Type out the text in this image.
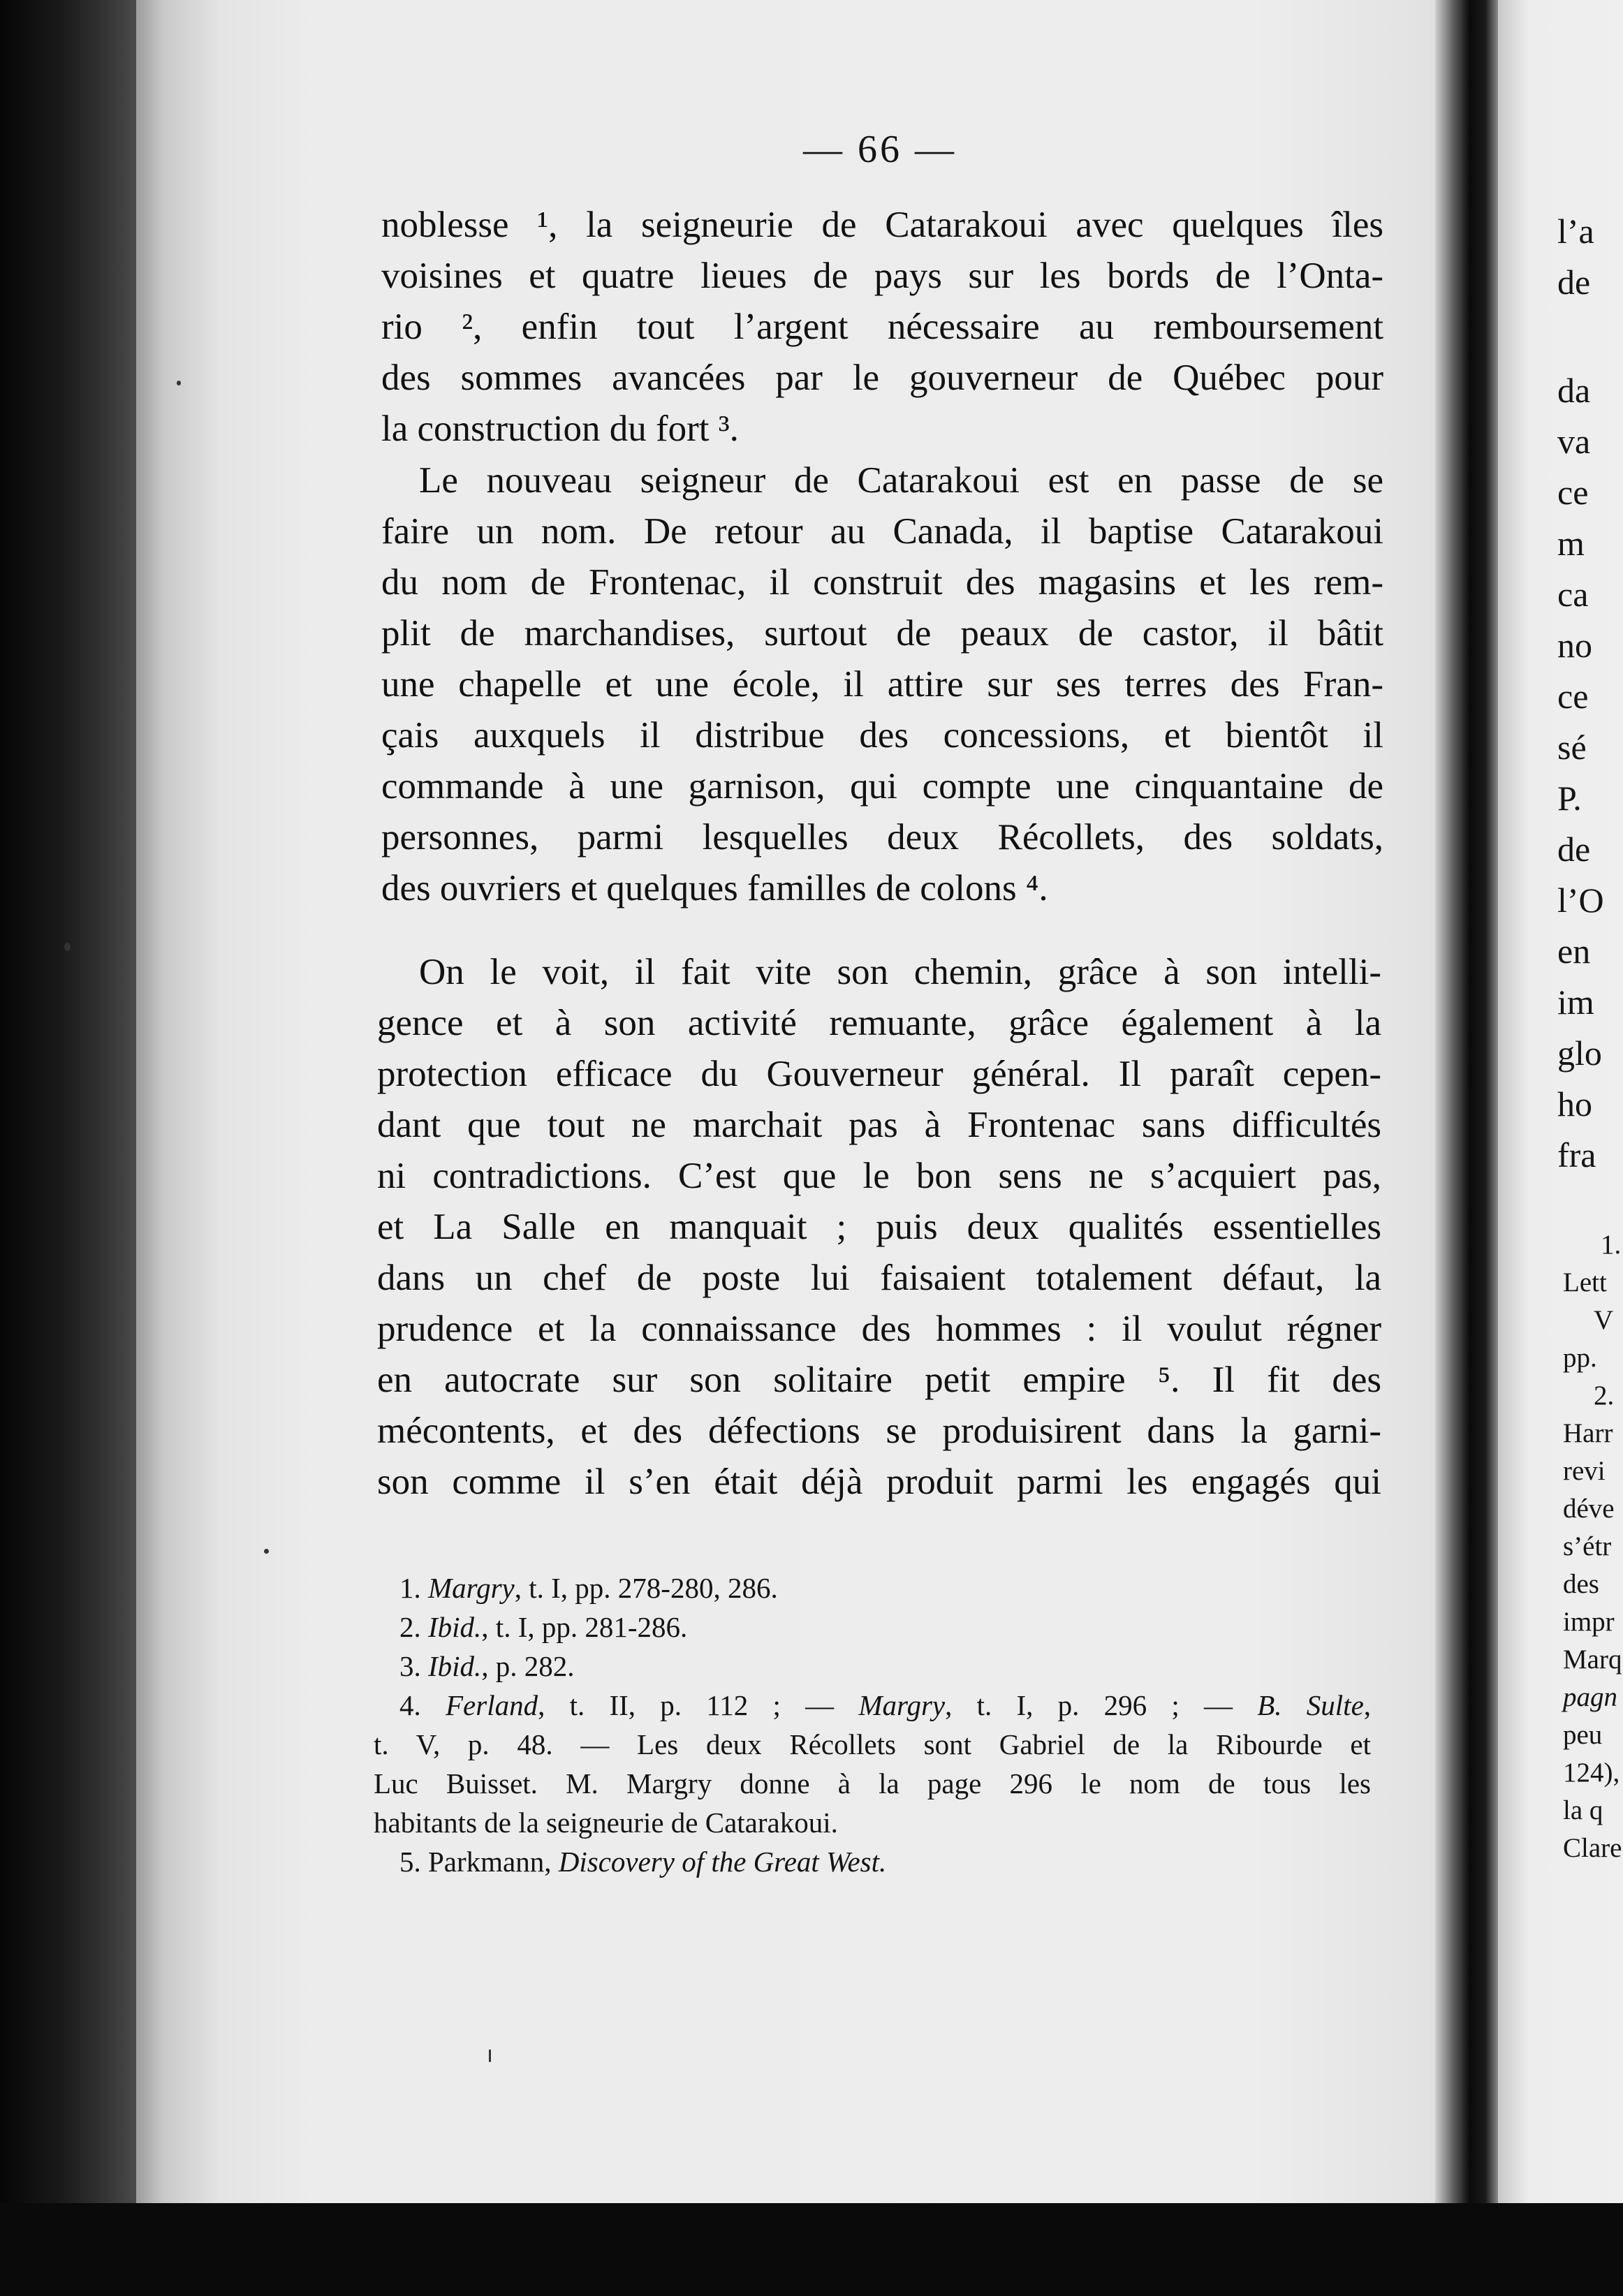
— 66 —
noblesse ¹, la seigneurie de Catarakoui avec quelques îles
voisines et quatre lieues de pays sur les bords de l’Onta-
rio ², enfin tout l’argent nécessaire au remboursement
des sommes avancées par le gouverneur de Québec pour
la construction du fort ³.
Le nouveau seigneur de Catarakoui est en passe de se
faire un nom. De retour au Canada, il baptise Catarakoui
du nom de Frontenac, il construit des magasins et les rem-
plit de marchandises, surtout de peaux de castor, il bâtit
une chapelle et une école, il attire sur ses terres des Fran-
çais auxquels il distribue des concessions, et bientôt il
commande à une garnison, qui compte une cinquantaine de
personnes, parmi lesquelles deux Récollets, des soldats,
des ouvriers et quelques familles de colons ⁴.
On le voit, il fait vite son chemin, grâce à son intelli-
gence et à son activité remuante, grâce également à la
protection efficace du Gouverneur général. Il paraît cepen-
dant que tout ne marchait pas à Frontenac sans difficultés
ni contradictions. C’est que le bon sens ne s’acquiert pas,
et La Salle en manquait ; puis deux qualités essentielles
dans un chef de poste lui faisaient totalement défaut, la
prudence et la connaissance des hommes : il voulut régner
en autocrate sur son solitaire petit empire ⁵. Il fit des
mécontents, et des défections se produisirent dans la garni-
son comme il s’en était déjà produit parmi les engagés qui
1. Margry, t. I, pp. 278-280, 286.
2. Ibid., t. I, pp. 281-286.
3. Ibid., p. 282.
4. Ferland, t. II, p. 112 ; — Margry, t. I, p. 296 ; — B. Sulte,
t. V, p. 48. — Les deux Récollets sont Gabriel de la Ribourde et
Luc Buisset. M. Margry donne à la page 296 le nom de tous les
habitants de la seigneurie de Catarakoui.
5. Parkmann, Discovery of the Great West.
l’a
de
da
va
ce
m
ca
no
ce
sé
P.
de
l’O
en
im
glo
ho
fra
1.
Lett
V
pp.
2.
Harr
revi
déve
s’étr
des
impr
Marq
pagn
peu
124),
la q
Clare
